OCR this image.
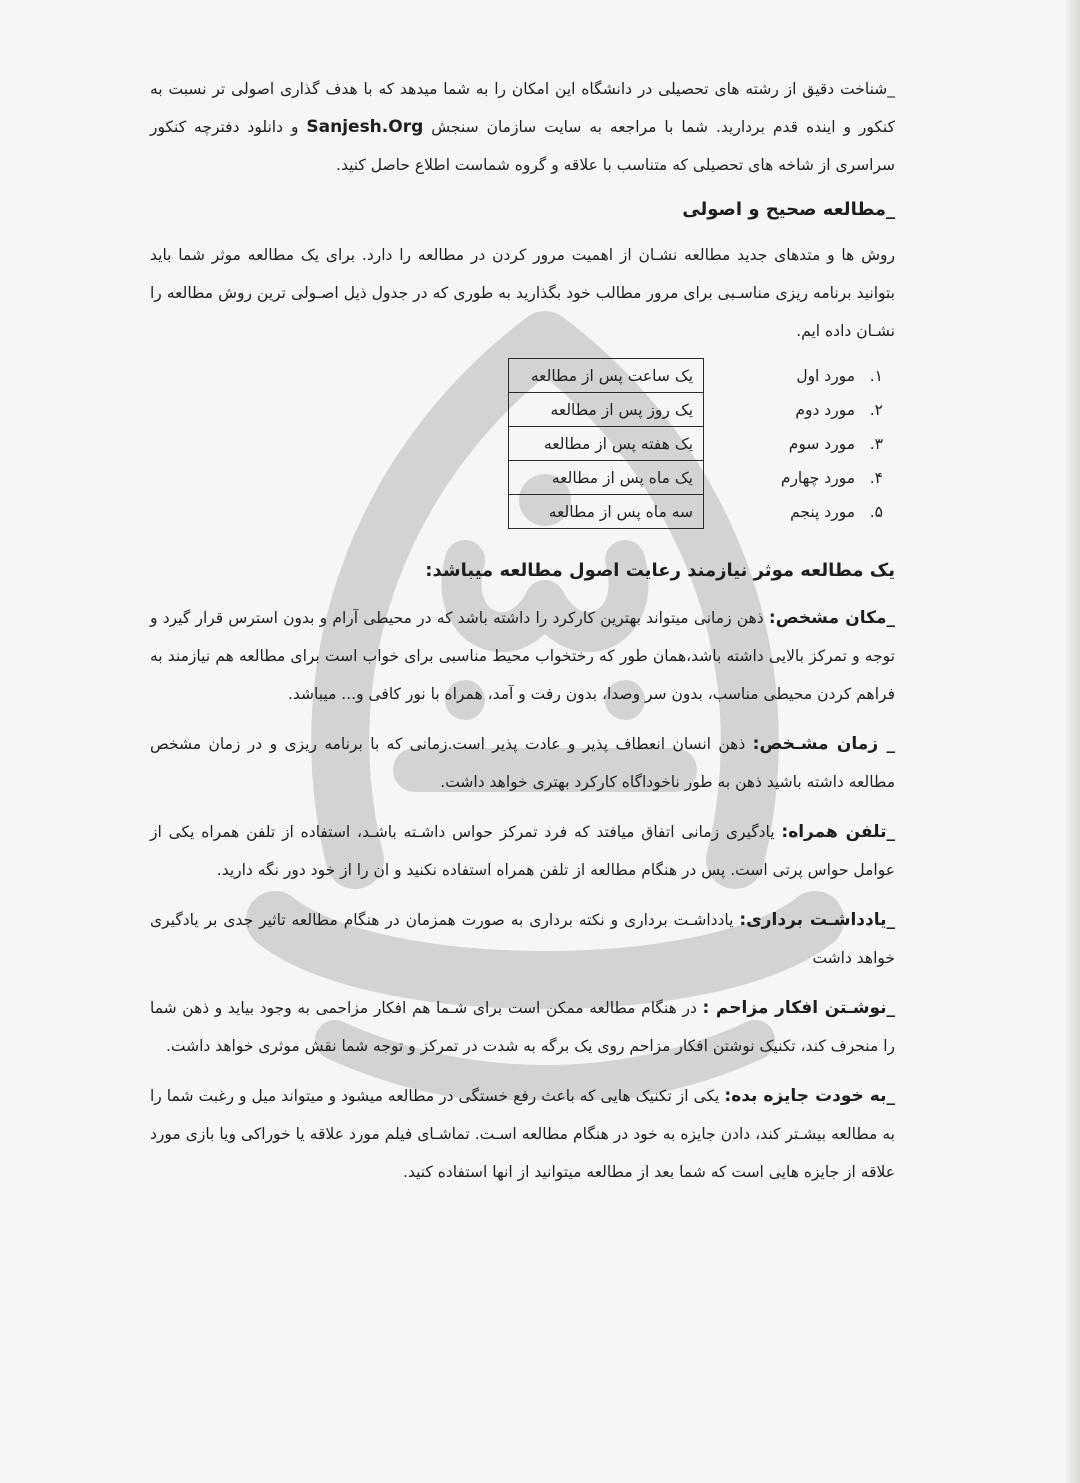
_شناخت دقیق از رشته های تحصیلی در دانشگاه این امکان را به شما میدهد که با هدف گذاری اصولی تر نسبت به کنکور و اینده قدم بردارید. شما با مراجعه به سایت سازمان سنجش Sanjesh.Org و دانلود دفترچه کنکور سراسری از شاخه های تحصیلی که متناسب با علاقه و گروه شماست اطلاع حاصل کنید.

_مطالعه صحیح و اصولی

روش ها و متدهای جدید مطالعه نشـان از اهمیت مرور کردن در مطالعه را دارد. برای یک مطالعه موثر شما باید بتوانید برنامه ریزی مناسـبی برای مرور مطالب خود بگذارید به طوری که در جدول ذیل اصـولی ترین روش مطالعه را نشـان داده ایم.

۱.مورد اول	یک ساعت پس از مطالعه
۲.مورد دوم	یک روز پس از مطالعه
۳.مورد سوم	یک هفته پس از مطالعه
۴.مورد چهارم	یک ماه پس از مطالعه
۵.مورد پنجم	سه ماه پس از مطالعه
یک مطالعه موثر نیازمند رعایت اصول مطالعه میباشد:

_مکان مشخص: ذهن زمانی میتواند بهترین کارکرد را داشته باشد که در محیطی آرام و بدون استرس قرار گیرد و توجه و تمرکز بالایی داشته باشد،همان طور که رختخواب محیط مناسبی برای خواب است برای مطالعه هم نیازمند به فراهم کردن محیطی مناسب، بدون سر وصدا، بدون رفت و آمد، همراه با نور کافی و... میباشد.

_ زمان مشـخص: ذهن انسان انعطاف پذیر و عادت پذیر است.زمانی که با برنامه ریزی و در زمان مشخص مطالعه داشته باشید ذهن به طور ناخوداگاه کارکرد بهتری خواهد داشت.

_تلفن همراه: یادگیری زمانی اتفاق میافتد که فرد تمرکز حواس داشـته باشـد، استفاده از تلفن همراه یکی از عوامل حواس پرتی است. پس در هنگام مطالعه از تلفن همراه استفاده نکنید و ان را از خود دور نگه دارید.

_یادداشـت برداری: یادداشـت برداری و نکته برداری به صورت همزمان در هنگام مطالعه تاثیر جدی بر یادگیری خواهد داشت

_نوشـتن افکار مزاحم : در هنگام مطالعه ممکن است برای شـما هم افکار مزاحمی به وجود بیاید و ذهن شما را منحرف کند، تکنیک نوشتن افکار مزاحم روی یک برگه به شدت در تمرکز و توجه شما نقش موثری خواهد داشت.

_به خودت جایزه بده: یکی از تکنیک هایی که باعث رفع خستگی در مطالعه میشود و میتواند میل و رغبت شما را به مطالعه بیشـتر کند، دادن جایزه به خود در هنگام مطالعه اسـت. تماشـای فیلم مورد علاقه یا خوراکی ویا بازی مورد علاقه از جایزه هایی است که شما بعد از مطالعه میتوانید از انها استفاده کنید.
